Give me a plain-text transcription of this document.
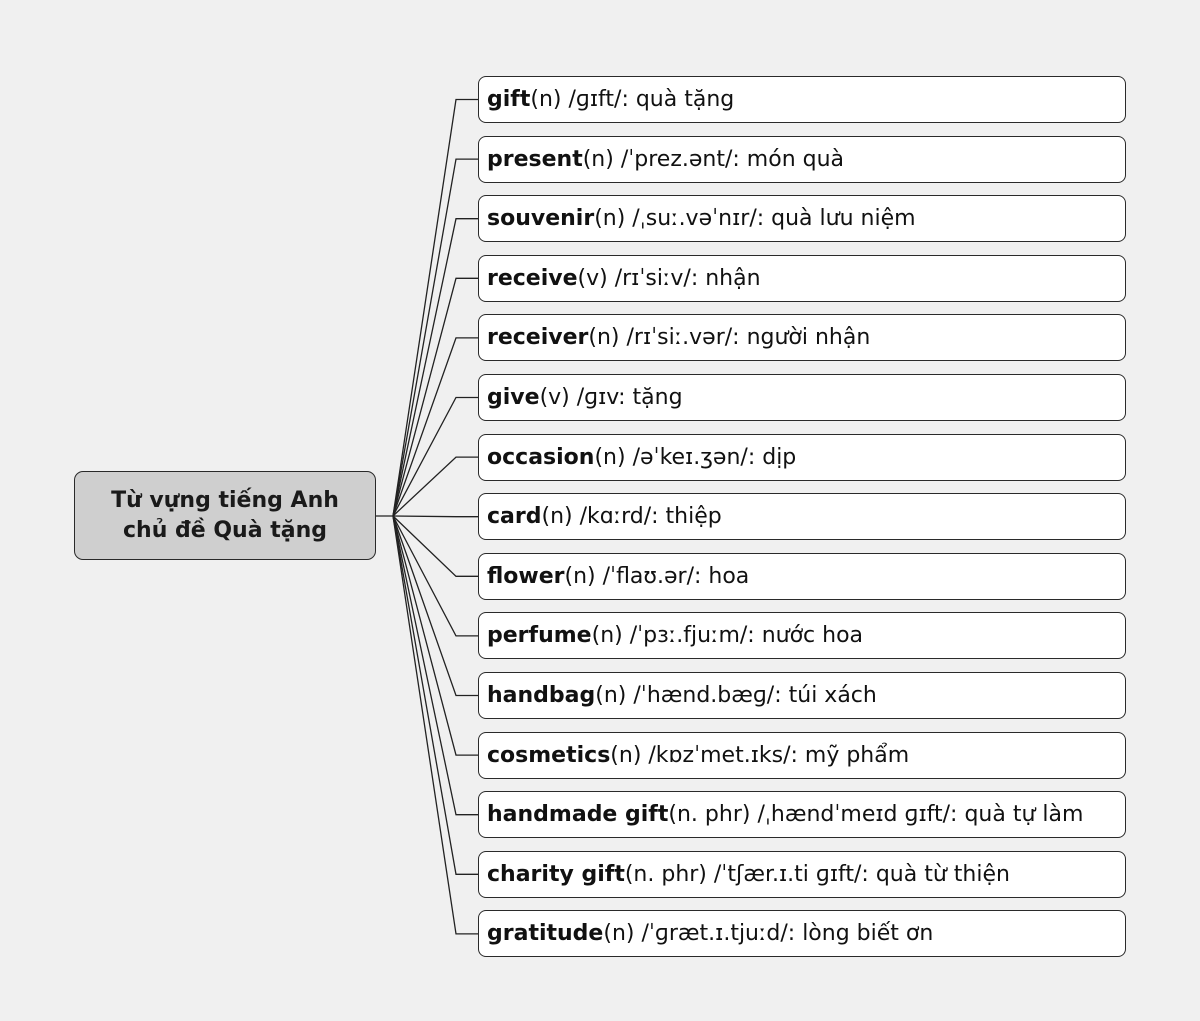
Từ vựng tiếng Anh
chủ đề Quà tặng
gift (n) /ɡɪft/: quà tặng
present (n) /ˈprez.ənt/: món quà
souvenir (n) /ˌsuː.vəˈnɪr/: quà lưu niệm
receive (v) /rɪˈsiːv/: nhận
receiver (n) /rɪˈsiː.vər/: người nhận
give (v) /ɡɪv: tặng
occasion (n) /əˈkeɪ.ʒən/: dịp
card (n) /kɑːrd/: thiệp
flower (n) /ˈflaʊ.ər/: hoa
perfume (n) /ˈpɜː.fjuːm/: nước hoa
handbag (n) /ˈhænd.bæɡ/: túi xách
cosmetics (n) /kɒzˈmet.ɪks/: mỹ phẩm
handmade gift (n. phr) /ˌhændˈmeɪd ɡɪft/: quà tự làm
charity gift (n. phr) /ˈtʃær.ɪ.ti ɡɪft/: quà từ thiện
gratitude (n) /ˈɡræt.ɪ.tjuːd/: lòng biết ơn
